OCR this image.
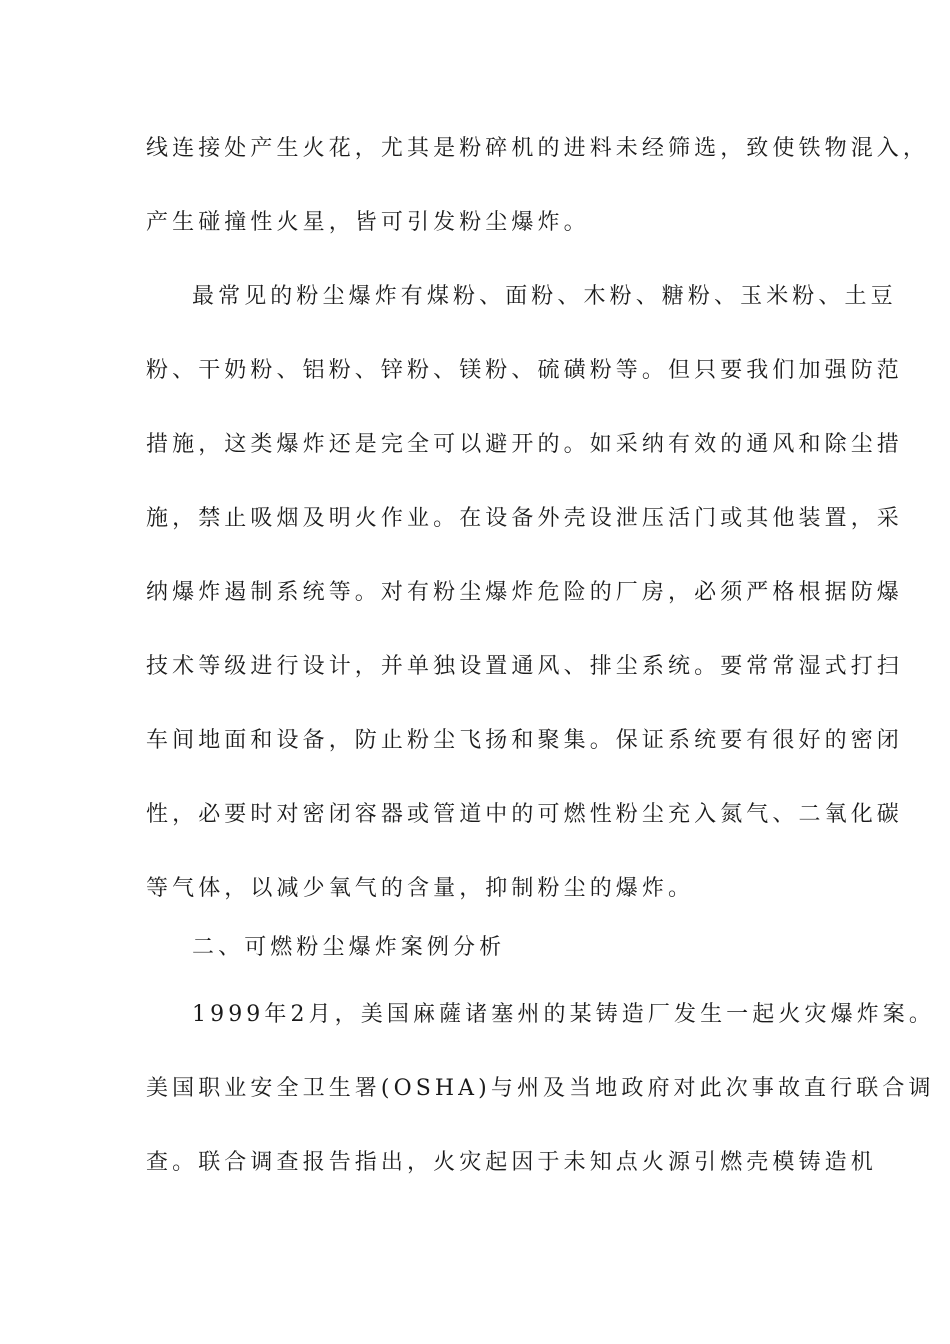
线连接处产生火花，尤其是粉碎机的进料未经筛选，致使铁物混入，
产生碰撞性火星，皆可引发粉尘爆炸。
最常见的粉尘爆炸有煤粉、面粉、木粉、糖粉、玉米粉、土豆
粉、干奶粉、铝粉、锌粉、镁粉、硫磺粉等。但只要我们加强防范
措施，这类爆炸还是完全可以避开的。如采纳有效的通风和除尘措
施，禁止吸烟及明火作业。在设备外壳设泄压活门或其他装置，采
纳爆炸遏制系统等。对有粉尘爆炸危险的厂房，必须严格根据防爆
技术等级进行设计，并单独设置通风、排尘系统。要常常湿式打扫
车间地面和设备，防止粉尘飞扬和聚集。保证系统要有很好的密闭
性，必要时对密闭容器或管道中的可燃性粉尘充入氮气、二氧化碳
等气体，以减少氧气的含量，抑制粉尘的爆炸。
二、可燃粉尘爆炸案例分析
1999年2月，美国麻薩诸塞州的某铸造厂发生一起火灾爆炸案。
美国职业安全卫生署(OSHA)与州及当地政府对此次事故直行联合调
查。联合调查报告指出，火灾起因于未知点火源引燃壳模铸造机
